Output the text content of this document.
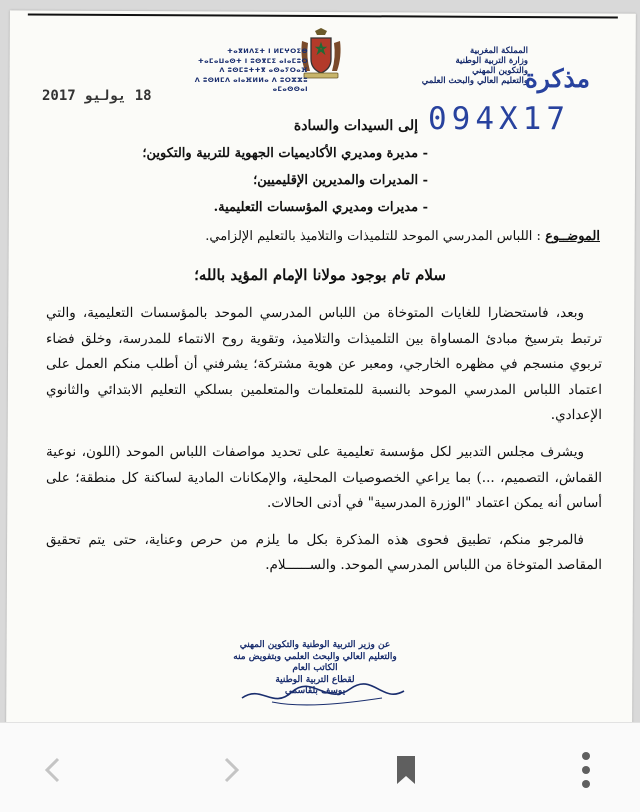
المملكة المغربية
وزارة التربية الوطنية
والتكوين المهني
والتعليم العالي والبحث العلمي
ⵜⴰⴳⵍⴷⵉⵜ ⵏ ⵍⵎⵖⵔⵉⴱ
ⵜⴰⵎⴰⵡⴰⵙⵜ ⵏ ⵓⵙⴳⵎⵉ ⴰⵏⴰⵎⵓⵔ
ⴷ ⵓⵙⵎⵓⵜⵜⴳ ⴰⵙⴰⵢⵔⴰⴼ
ⴷ ⵓⵙⵍⵎⴷ ⴰⵏⴰⴼⵍⵍⴰ ⴷ ⵓⵔⵣⵣⵓ ⴰⵎⴰⵙⵙⴰⵏ	مذكرة
094X17
18 يوليو 2017
إلى السيدات والسادة
- مديرة ومديري الأكاديميات الجهوية للتربية والتكوين؛
- المديرات والمديرين الإقليميين؛
- مديرات ومديري المؤسسات التعليمية.
الموضــوع : اللباس المدرسي الموحد للتلميذات والتلاميذ بالتعليم الإلزامي.
سلام تام بوجود مولانا الإمام المؤيد بالله؛

وبعد، فاستحضارا للغايات المتوخاة من اللباس المدرسي الموحد بالمؤسسات التعليمية، والتي ترتبط بترسيخ مبادئ المساواة بين التلميذات والتلاميذ، وتقوية روح الانتماء للمدرسة، وخلق فضاء تربوي منسجم في مظهره الخارجي، ومعبر عن هوية مشتركة؛ يشرفني أن أطلب منكم العمل على اعتماد اللباس المدرسي الموحد بالنسبة للمتعلمات والمتعلمين بسلكي التعليم الابتدائي والثانوي الإعدادي.

ويشرف مجلس التدبير لكل مؤسسة تعليمية على تحديد مواصفات اللباس الموحد (اللون، نوعية القماش، التصميم، ...) بما يراعي الخصوصيات المحلية، والإمكانات المادية لساكنة كل منطقة؛ على أساس أنه يمكن اعتماد "الوزرة المدرسية" في أدنى الحالات.

فالمرجو منكم، تطبيق فحوى هذه المذكرة بكل ما يلزم من حرص وعناية، حتى يتم تحقيق المقاصد المتوخاة من اللباس المدرسي الموحد. والســــــلام.

عن وزير التربية الوطنية والتكوين المهني
والتعليم العالي والبحث العلمي وبتفويض منه
الكاتب العام
لقطاع التربية الوطنية
يوسف بلقاسمي
